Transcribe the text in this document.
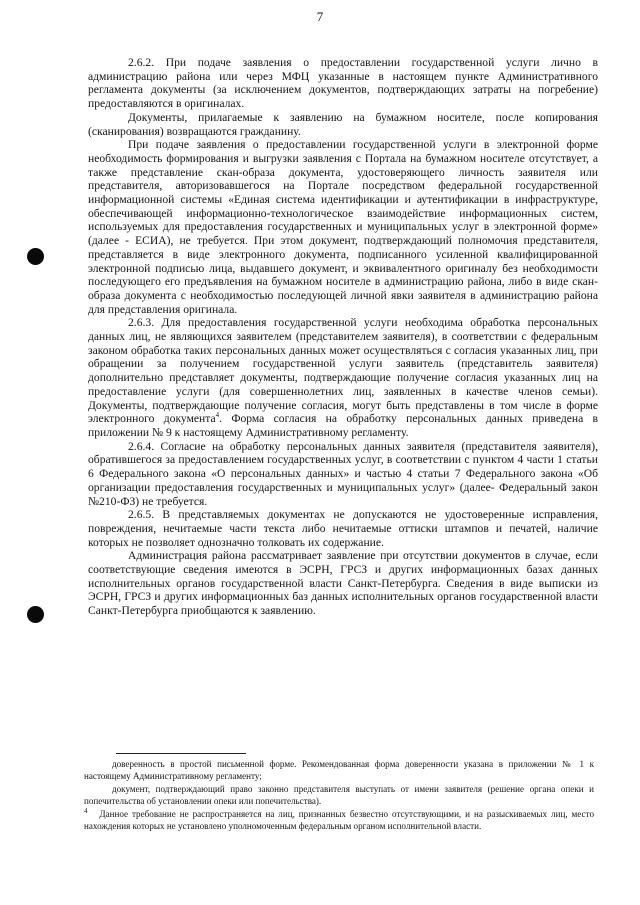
7

2.6.2. При подаче заявления о предоставлении государственной услуги лично в администрацию района или через МФЦ указанные в настоящем пункте Административного регламента документы (за исключением документов, подтверждающих затраты на погребение) предоставляются в оригиналах.

Документы, прилагаемые к заявлению на бумажном носителе, после копирования (сканирования) возвращаются гражданину.

При подаче заявления о предоставлении государственной услуги в электронной форме необходимость формирования и выгрузки заявления с Портала на бумажном носителе отсутствует, а также представление скан-образа документа, удостоверяющего личность заявителя или представителя, авторизовавшегося на Портале посредством федеральной государственной информационной системы «Единая система идентификации и аутентификации в инфраструктуре, обеспечивающей информационно-технологическое взаимодействие информационных систем, используемых для предоставления государственных и муниципальных услуг в электронной форме» (далее - ЕСИА), не требуется. При этом документ, подтверждающий полномочия представителя, представляется в виде электронного документа, подписанного усиленной квалифицированной электронной подписью лица, выдавшего документ, и эквивалентного оригиналу без необходимости последующего его предъявления на бумажном носителе в администрацию района, либо в виде скан-образа документа с необходимостью последующей личной явки заявителя в администрацию района для представления оригинала.

2.6.3. Для предоставления государственной услуги необходима обработка персональных данных лиц, не являющихся заявителем (представителем заявителя), в соответствии с федеральным законом обработка таких персональных данных может осуществляться с согласия указанных лиц, при обращении за получением государственной услуги заявитель (представитель заявителя) дополнительно представляет документы, подтверждающие получение согласия указанных лиц на предоставление услуги (для совершеннолетних лиц, заявленных в качестве членов семьи). Документы, подтверждающие получение согласия, могут быть представлены в том числе в форме электронного документа$^4$. Форма согласия на обработку персональных данных приведена в приложении № 9 к настоящему Административному регламенту.

2.6.4. Согласие на обработку персональных данных заявителя (представителя заявителя), обратившегося за предоставлением государственных услуг, в соответствии с пунктом 4 части 1 статьи 6 Федерального закона «О персональных данных» и частью 4 статьи 7 Федерального закона «Об организации предоставления государственных и муниципальных услуг» (далее- Федеральный закон №210-ФЗ) не требуется.

2.6.5. В представляемых документах не допускаются не удостоверенные исправления, повреждения, нечитаемые части текста либо нечитаемые оттиски штампов и печатей, наличие которых не позволяет однозначно толковать их содержание.

Администрация района рассматривает заявление при отсутствии документов в случае, если соответствующие сведения имеются в ЭСРН, ГРСЗ и других информационных базах данных исполнительных органов государственной власти Санкт-Петербурга. Сведения в виде выписки из ЭСРН, ГРСЗ и других информационных баз данных исполнительных органов государственной власти Санкт-Петербурга приобщаются к заявлению.

доверенность в простой письменной форме. Рекомендованная форма доверенности указана в приложении № 1 к настоящему Административному регламенту;

документ, подтверждающий право законно представителя выступать от имени заявителя (решение органа опеки и попечительства об установлении опеки или попечительства).

$^4$ Данное требование не распространяется на лиц, признанных безвестно отсутствующими, и на разыскиваемых лиц, место нахождения которых не установлено уполномоченным федеральным органом исполнительной власти.
